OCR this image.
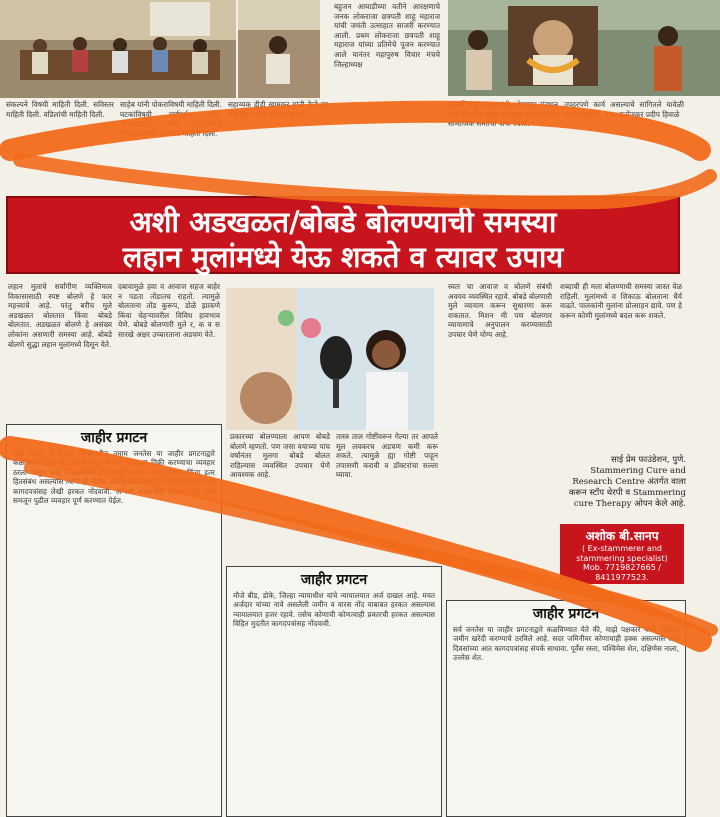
संकल्पने विषयी माहिती दिली. सविस्तर माहिती दिली. वडिलांची माहिती दिली.

साहेब यांनी पोकराविषयी माहिती दिली. घटकांविषयी मार्गदर्शन केले. श्री.जगताप यांनी मनुष्यबळ विकासाविषयी सविस्तर माहिती दिली.

सहाय्यक डीडी खामकर यांनी केले तर बोर्डे मॅडम यांनी आभार मानले.

बहुजन आघाडीच्या वतीने आरक्षणाचे जनक लोकराजा छत्रपती शाहू महाराज यांची जयंती उत्साहात साजरी करण्यात आली. प्रथम लोकराजा छत्रपती शाहू महाराज यांच्या प्रतिमेचे पूजन करण्यात आले यानंतर महापुरुष विचार मंचचे जिल्हाध्यक्ष

राजर्षी शाहू महाराजांनी कोल्हापूर संस्थान मध्ये देशातले पहिले आरक्षण जाहीर करून सामाजिक समतेचा पाया रचला.

उपदरपणे कार्य असल्याचे सांगितले यावेळी प्रकाश ढाकणे, पवन करोंजकर प्रदीप हिवाळे

अशी अडखळत/बोबडे बोलण्याची समस्या
लहान मुलांमध्ये येऊ शकते व त्यावर उपाय

लहान मुलाचे सर्वांगीण व्यक्तिमत्व विकासासाठी स्पष्ट बोलणे हे फार महत्त्वाचे आहे. परंतु बरीच मुले अडखळत बोलतात किंवा बोबडे बोलतात. अडखळत बोलणे हे असंख्य लोकांना असणारी समस्या आहे. बोबडे बोलणे सुद्धा लहान मुलांमध्ये दिसून येते.

दबावामुळे हवा व आवाज सहज बाहेर न पडता तोंडातच राहतो. त्यामुळे बोलताना तोंड कुरूप, डोळे झाकणे किंवा चेहऱ्यावरील विविध हावभाव येणे. बोबडे बोलणारी मुले र, क व स सारखे अक्षर उच्चारताना अडचण येते.

प्रकारच्या बोलण्याला आपण बोबडे बोलणे म्हणतो. पण जसा वयाच्या पाच वर्षांनंतर मुलगा बोबडे बोलत राहिल्यास व्यवस्थित उपचार घेणे आवश्यक आहे.

तास्त्र ताल गोष्टींवरून गेल्या तर आपले मूल लवकरच अडचण कमी करू शकते. त्यामुळे ह्या गोष्टी पाहून तपासणी करावी व डॉक्टरांचा सल्ला घ्यावा.

स्वतः चा आवाज व बोलणे संबंधी अवयव व्यवस्थित रहावे. बोबडे बोलणारी मुले व्यायाम करून सुधारणा करू शकतात. मिशन मी पण बोलणार व्यायामाचे अनुपालन करण्यासाठी उपचार घेणे योग्य आहे.

शब्दाची ही मला बोलण्याची समस्या जास्त वेळ राहिली. मुलांमध्ये व शिकाऊ बोलताना धैर्य वाढते. पालकांनी मुलांना प्रोत्साहन द्यावे. पण हे करून कोणी मुलांमध्ये बदल करू शकते.

साई प्रेम फाउंडेशन, पुणे. Stammering Cure and Research Centre अंतर्गत वाला करून स्टॉप थेरपी व Stammering cure Therapy ओपन केले आहे.
अशोक बी.सानप
( Ex-stammerer and stammering specialist)
Mob. 7719827665 / 8411977523.
जाहीर प्रगटन
बीड जिल्हा व येथील परिसरातील तमाम जनतेस या जाहीर प्रगटनाद्वारे कळविण्यात येते की, खाली नमूद केलेली मिळकत विक्री करण्याचा व्यवहार ठरला असून सदर मिळकतीवर कोणाचाही हक्क, बोजा, तारण किंवा इतर हितसंबंध असल्यास त्यांनी ही नोटीस प्रसिद्ध झाल्यापासून सात दिवसांच्या आत कागदपत्रांसह लेखी हरकत नोंदवावी. अन्यथा कोणाचीही हरकत नाही असे समजून पुढील व्यवहार पूर्ण करण्यात येईल.
जाहीर प्रगटन
मौजे बीड, डोके, जिल्हा न्यायाधीश यांचे न्यायालयात अर्ज दाखल आहे. मयत अर्जदार यांच्या नावे असलेली जमीन व वारस नोंद याबाबत हरकत असल्यास न्यायालयात हजर रहावे. तसेच कोणाची कोणत्याही प्रकारची हरकत असल्यास विहित मुदतीत कागदपत्रांसह नोंदवावी.
जाहीर प्रगटन
सर्व जनतेस या जाहीर प्रगटनाद्वारे कळविण्यात येते की, माझे पक्षकार यांनी खालील जमीन खरेदी करण्याचे ठरविले आहे. सदर जमिनीवर कोणाचाही हक्क असल्यास सात दिवसांच्या आत कागदपत्रांसह संपर्क साधावा. पूर्वेस रस्ता, पश्चिमेस शेत, दक्षिणेस नाला, उत्तरेस शेत.
